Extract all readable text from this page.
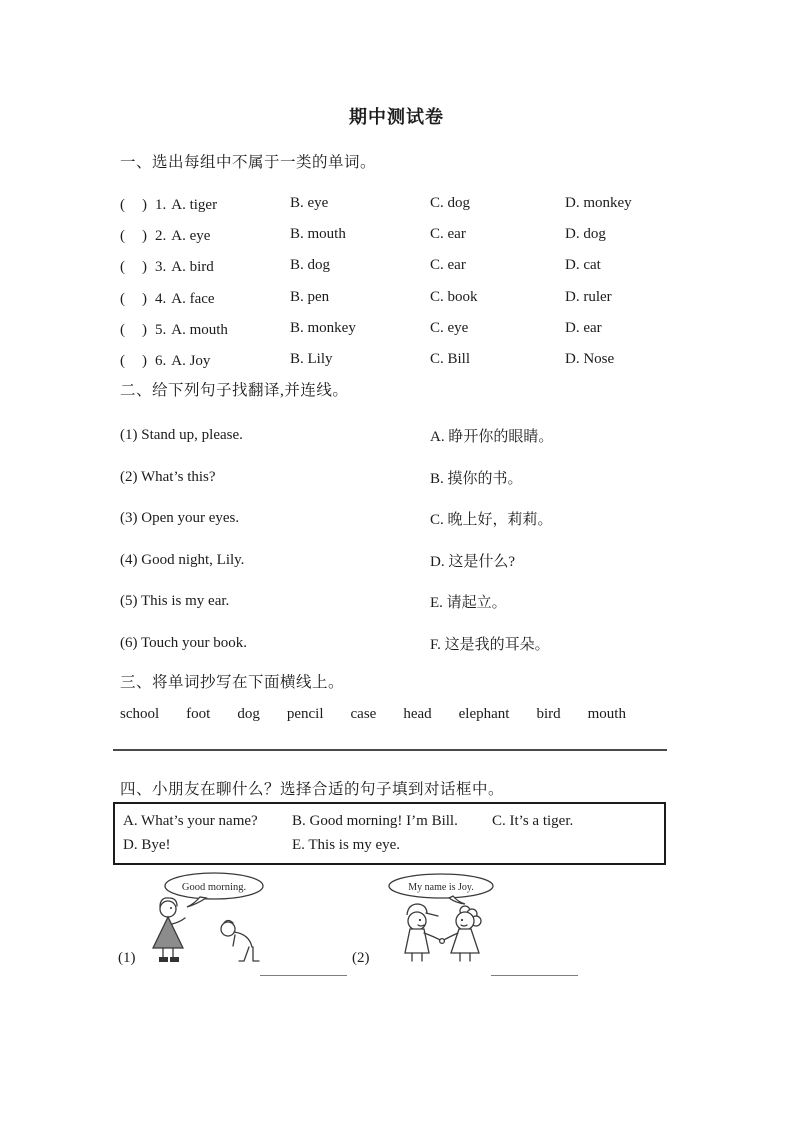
期中测试卷
一、选出每组中不属于一类的单词。
(　) 1. A. tiger	B. eye	C. dog	D. monkey
(　) 2. A. eye	B. mouth	C. ear	D. dog
(　) 3. A. bird	B. dog	C. ear	D. cat
(　) 4. A. face	B. pen	C. book	D. ruler
(　) 5. A. mouth	B. monkey	C. eye	D. ear
(　) 6. A. Joy	B. Lily	C. Bill	D. Nose
二、给下列句子找翻译,并连线。
(1) Stand up, please.	A. 睁开你的眼睛。
(2) What’s this?	B. 摸你的书。
(3) Open your eyes.	C. 晚上好，莉莉。
(4) Good night, Lily.	D. 这是什么?
(5) This is my ear.	E. 请起立。
(6) Touch your book.	F. 这是我的耳朵。
三、将单词抄写在下面横线上。
school foot dog pencil case head elephant bird mouth
四、小朋友在聊什么？选择合适的句子填到对话框中。
A. What’s your name?	B. Good morning! I’m Bill.	C. It’s a tiger.
D. Bye!	E. This is my eye.
(1)
Good morning.
(2)
My name is Joy.
